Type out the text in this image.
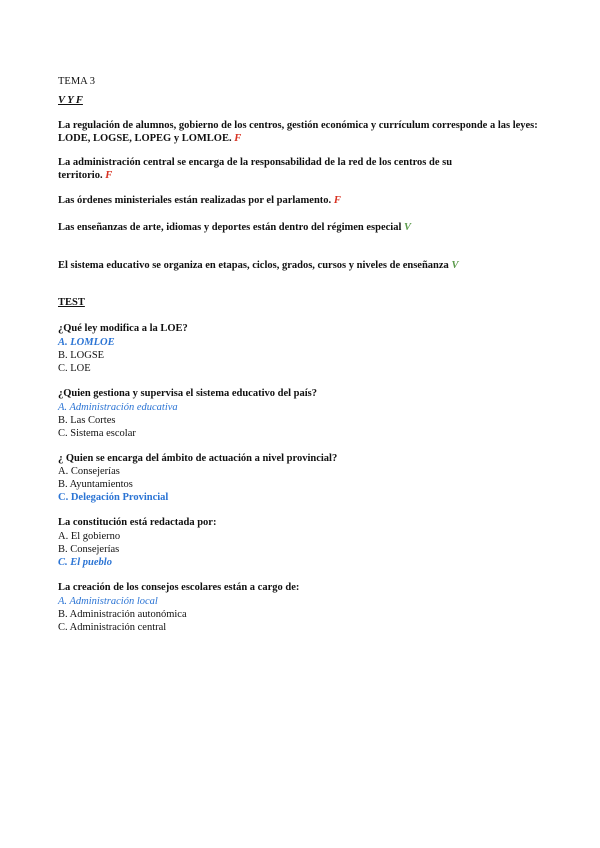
TEMA 3
V Y F
La regulación de alumnos, gobierno de los centros, gestión económica y currículum corresponde a las leyes: LODE, LOGSE, LOPEG y LOMLOE. F
La administración central se encarga de la responsabilidad de la red de los centros de su territorio. F
Las órdenes ministeriales están realizadas por el parlamento. F
Las enseñanzas de arte, idiomas y deportes están dentro del régimen especial V
El sistema educativo se organiza en etapas, ciclos, grados, cursos y niveles de enseñanza V
TEST
¿Qué ley modifica a la LOE?
A. LOMLOE
B. LOGSE
C. LOE
¿Quien gestiona y supervisa el sistema educativo del país?
A. Administración educativa
B. Las Cortes
C. Sistema escolar
¿ Quien se encarga del ámbito de actuación a nivel provincial?
A. Consejerías
B. Ayuntamientos
C. Delegación Provincial
La constitución está redactada por:
A. El gobierno
B. Consejerías
C. El pueblo
La creación de los consejos escolares están a cargo de:
A. Administración local
B. Administración autonómica
C. Administración central
